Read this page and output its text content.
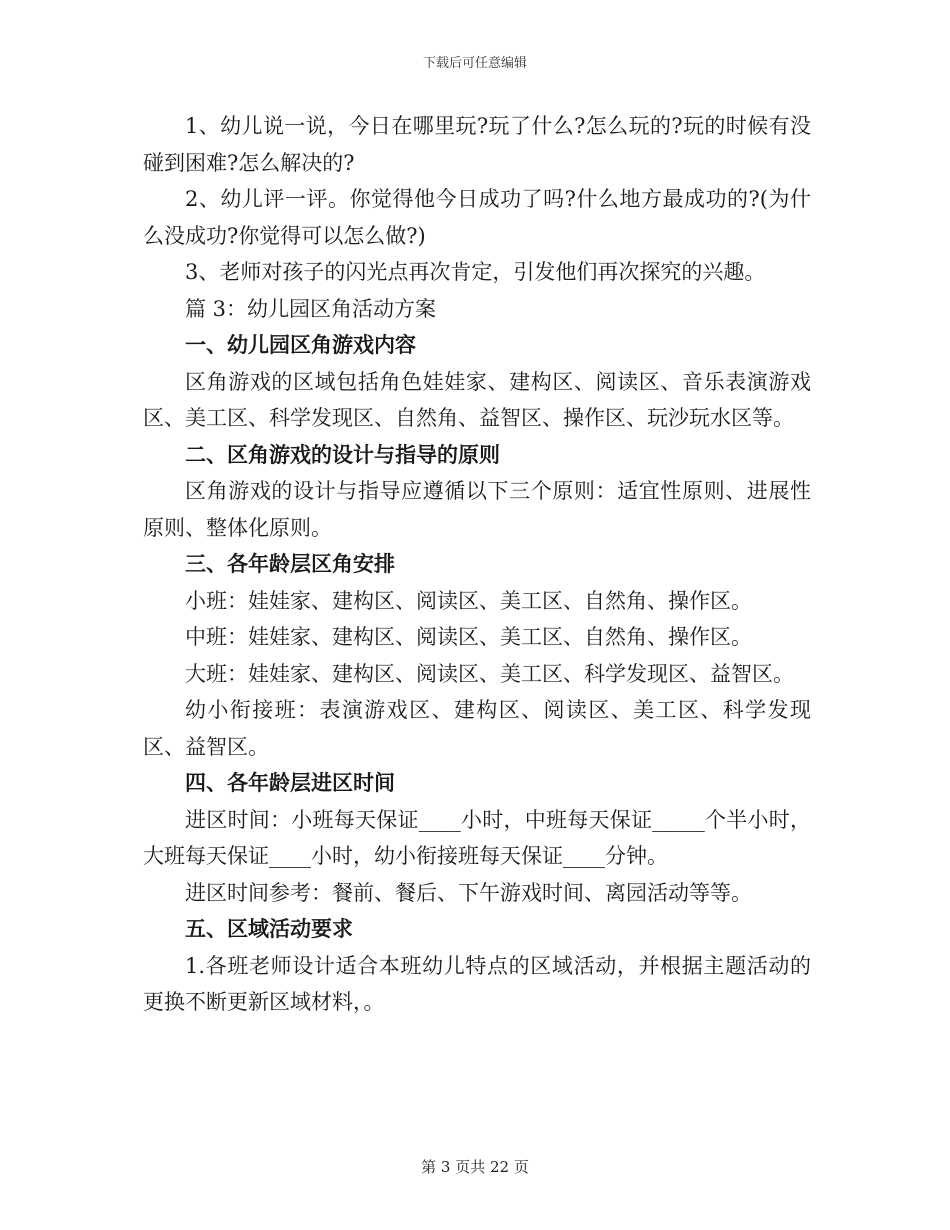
下载后可任意编辑

1、幼儿说一说，今日在哪里玩?玩了什么?怎么玩的?玩的时候有没碰到困难?怎么解决的?

2、幼儿评一评。你觉得他今日成功了吗?什么地方最成功的?(为什么没成功?你觉得可以怎么做?)

3、老师对孩子的闪光点再次肯定，引发他们再次探究的兴趣。

篇 3：幼儿园区角活动方案

一、幼儿园区角游戏内容

区角游戏的区域包括角色娃娃家、建构区、阅读区、音乐表演游戏区、美工区、科学发现区、自然角、益智区、操作区、玩沙玩水区等。

二、区角游戏的设计与指导的原则

区角游戏的设计与指导应遵循以下三个原则：适宜性原则、进展性原则、整体化原则。

三、各年龄层区角安排

小班：娃娃家、建构区、阅读区、美工区、自然角、操作区。

中班：娃娃家、建构区、阅读区、美工区、自然角、操作区。

大班：娃娃家、建构区、阅读区、美工区、科学发现区、益智区。

幼小衔接班：表演游戏区、建构区、阅读区、美工区、科学发现区、益智区。

四、各年龄层进区时间

进区时间：小班每天保证____小时，中班每天保证_____个半小时，大班每天保证____小时，幼小衔接班每天保证____分钟。

进区时间参考：餐前、餐后、下午游戏时间、离园活动等等。

五、区域活动要求

1.各班老师设计适合本班幼儿特点的区域活动，并根据主题活动的更换不断更新区域材料，。

第 3 页共 22 页
